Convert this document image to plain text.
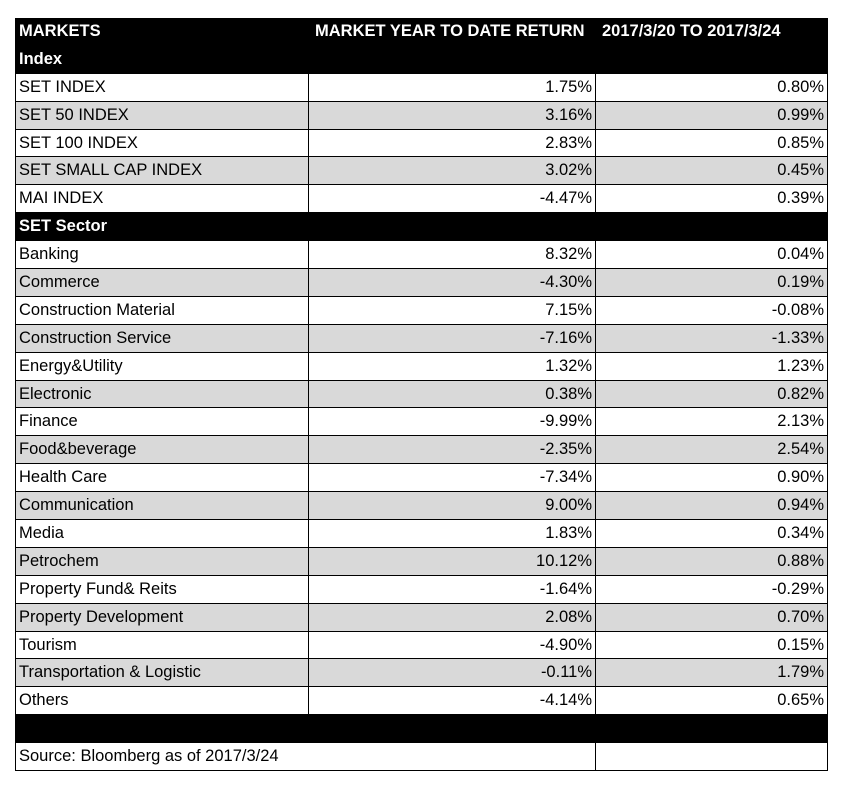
MARKETS	MARKET YEAR TO DATE RETURN	2017/3/20 TO 2017/3/24
Index
SET INDEX	1.75%	0.80%
SET 50 INDEX	3.16%	0.99%
SET 100 INDEX	2.83%	0.85%
SET SMALL CAP INDEX	3.02%	0.45%
MAI INDEX	-4.47%	0.39%
SET Sector
Banking	8.32%	0.04%
Commerce	-4.30%	0.19%
Construction Material	7.15%	-0.08%
Construction Service	-7.16%	-1.33%
Energy&Utility	1.32%	1.23%
Electronic	0.38%	0.82%
Finance	-9.99%	2.13%
Food&beverage	-2.35%	2.54%
Health Care	-7.34%	0.90%
Communication	9.00%	0.94%
Media	1.83%	0.34%
Petrochem	10.12%	0.88%
Property Fund& Reits	-1.64%	-0.29%
Property Development	2.08%	0.70%
Tourism	-4.90%	0.15%
Transportation & Logistic	-0.11%	1.79%
Others	-4.14%	0.65%
Source: Bloomberg as of 2017/3/24
